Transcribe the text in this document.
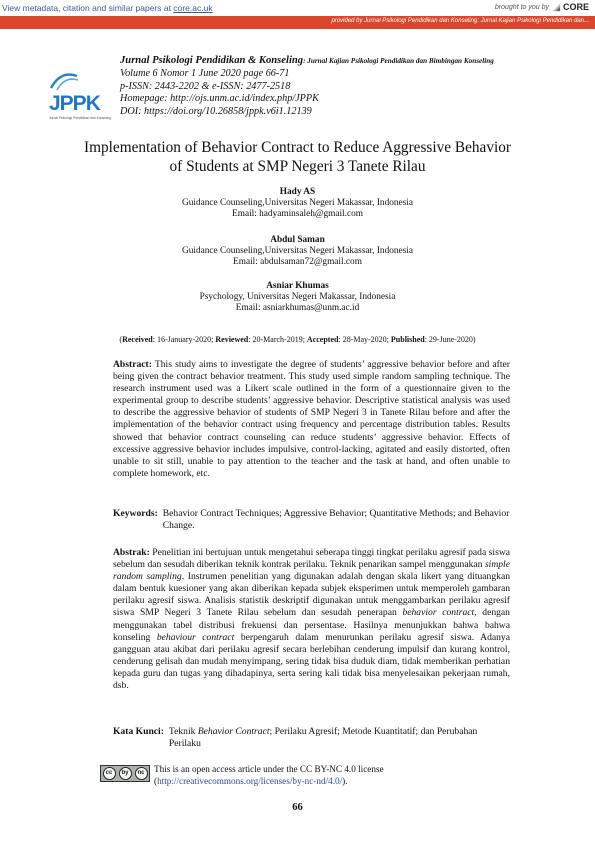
View metadata, citation and similar papers at core.ac.uk	brought to you by CORE
provided by Jurnal Psikologi Pendidikan dan Konseling: Jurnal Kajian Psikologi Pendidikan dan...
JPPK
Jurnal Psikologi Pendidikan dan Konseling
Jurnal Psikologi Pendidikan & Konseling: Jurnal Kajian Psikologi Pendidikan dan Bimbingan Konseling
Volume 6 Nomor 1 June 2020 page 66-71
p-ISSN: 2443-2202 & e-ISSN: 2477-2518
Homepage: http://ojs.unm.ac.id/index.php/JPPK
DOI: https://doi.org/10.26858/jppk.v6i1.12139
Implementation of Behavior Contract to Reduce Aggressive Behavior
of Students at SMP Negeri 3 Tanete Rilau
Hady AS
Guidance Counseling,Universitas Negeri Makassar, Indonesia
Email: hadyaminsaleh@gmail.com
Abdul Saman
Guidance Counseling,Universitas Negeri Makassar, Indonesia
Email: abdulsaman72@gmail.com
Asniar Khumas
Psychology, Universitas Negeri Makassar, Indonesia
Email: asniarkhumas@unm.ac.id
(Received: 16-January-2020; Reviewed: 20-March-2019; Accepted: 28-May-2020; Published: 29-June-2020)
Abstract: This study aims to investigate the degree of students’ aggressive behavior before and after being given the contract behavior treatment. This study used simple random sampling technique. The research instrument used was a Likert scale outlined in the form of a questionnaire given to the experimental group to describe students’ aggressive behavior. Descriptive statistical analysis was used to describe the aggressive behavior of students of SMP Negeri 3 in Tanete Rilau before and after the implementation of the behavior contract using frequency and percentage distribution tables. Results showed that behavior contract counseling can reduce students’ aggressive behavior. Effects of excessive aggressive behavior includes impulsive, control-lacking, agitated and easily distorted, often unable to sit still, unable to pay attention to the teacher and the task at hand, and often unable to complete homework, etc.
Keywords: Behavior Contract Techniques; Aggressive Behavior; Quantitative Methods; and Behavior Change.
Abstrak: Penelitian ini bertujuan untuk mengetahui seberapa tinggi tingkat perilaku agresif pada siswa sebelum dan sesudah diberikan teknik kontrak perilaku. Teknik penarikan sampel menggunakan simple random sampling. Instrumen penelitian yang digunakan adalah dengan skala likert yang dituangkan dalam bentuk kuesioner yang akan diberikan kepada subjek eksperimen untuk memperoleh gambaran perilaku agresif siswa. Analisis statistik deskriptif digunakan untuk menggambarkan perilaku agresif siswa SMP Negeri 3 Tanete Rilau sebelum dan sesudah penerapan behavior contract, dengan menggunakan tabel distribusi frekuensi dan persentase. Hasilnya menunjukkan bahwa bahwa konseling behaviour contract berpengaruh dalam menurunkan perilaku agresif siswa. Adanya gangguan atau akibat dari perilaku agresif secara berlebihan cenderung impulsif dan kurang kontrol, cenderung gelisah dan mudah menyimpang, sering tidak bisa duduk diam, tidak memberikan perhatian kepada guru dan tugas yang dihadapinya, serta sering kali tidak bisa menyelesaikan pekerjaan rumah, dsb.
Kata Kunci: Teknik Behavior Contract; Perilaku Agresif; Metode Kuantitatif; dan Perubahan Perilaku
cc	by	nc	This is an open access article under the CC BY-NC 4.0 license
(http://creativecommons.org/licenses/by-nc-nd/4.0/).
66
